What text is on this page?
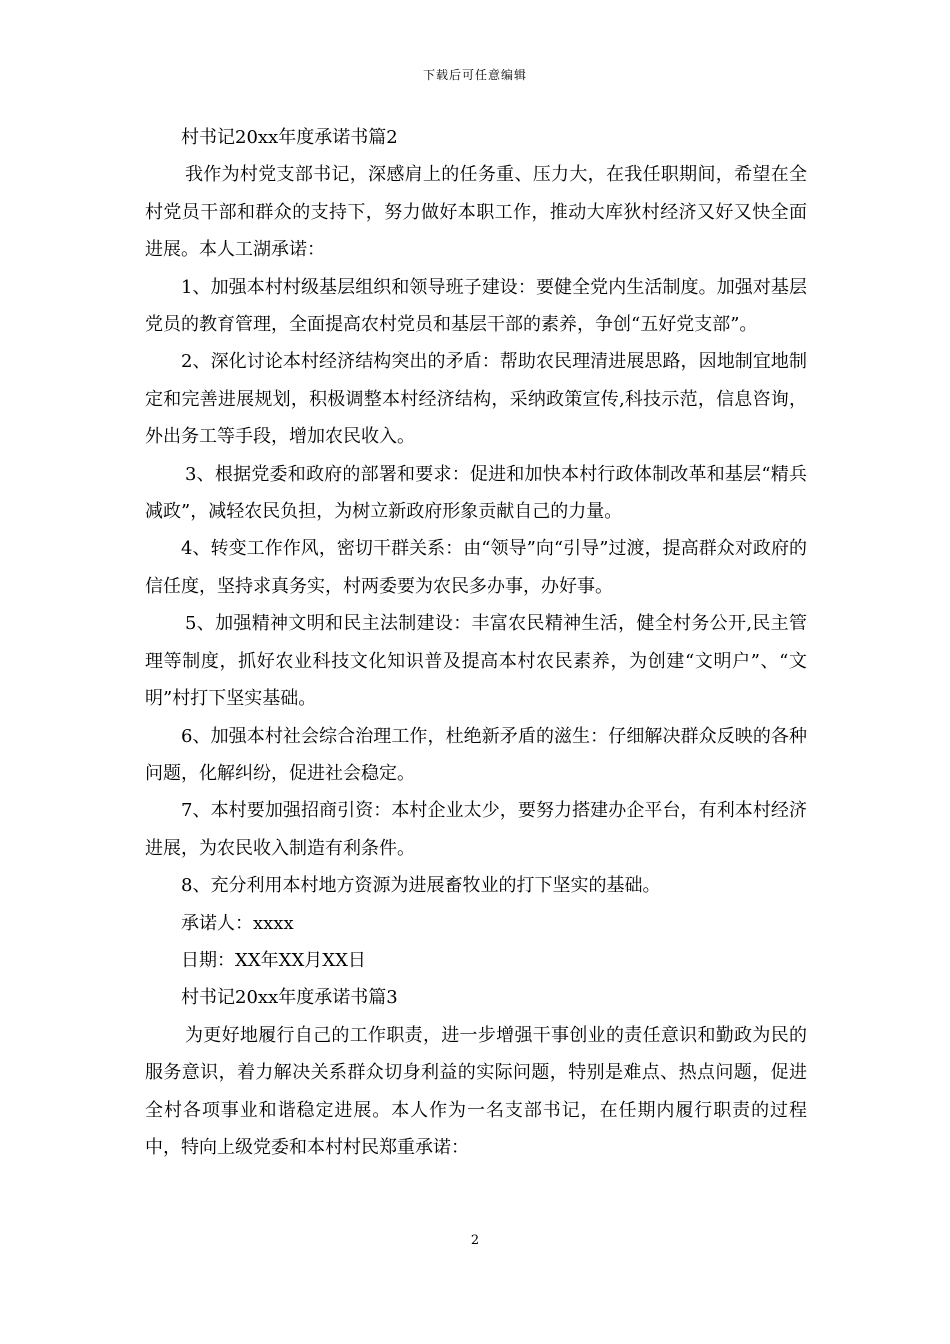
下载后可任意编辑

村书记20xx年度承诺书篇2

我作为村党支部书记，深感肩上的任务重、压力大，在我任职期间，希望在全村党员干部和群众的支持下，努力做好本职工作，推动大库狄村经济又好又快全面进展。本人工湖承诺：

1、加强本村村级基层组织和领导班子建设：要健全党内生活制度。加强对基层党员的教育管理，全面提高农村党员和基层干部的素养，争创“五好党支部”。

2、深化讨论本村经济结构突出的矛盾：帮助农民理清进展思路，因地制宜地制定和完善进展规划，积极调整本村经济结构，采纳政策宣传,科技示范，信息咨询，外出务工等手段，增加农民收入。

3、根据党委和政府的部署和要求：促进和加快本村行政体制改革和基层“精兵减政”，减轻农民负担，为树立新政府形象贡献自己的力量。

4、转变工作作风，密切干群关系：由“领导”向“引导”过渡，提高群众对政府的信任度，坚持求真务实，村两委要为农民多办事，办好事。

5、加强精神文明和民主法制建设：丰富农民精神生活，健全村务公开,民主管理等制度，抓好农业科技文化知识普及提高本村农民素养，为创建“文明户”、“文明”村打下坚实基础。

6、加强本村社会综合治理工作，杜绝新矛盾的滋生：仔细解决群众反映的各种问题，化解纠纷，促进社会稳定。

7、本村要加强招商引资：本村企业太少，要努力搭建办企平台，有利本村经济进展，为农民收入制造有利条件。

8、充分利用本村地方资源为进展畜牧业的打下坚实的基础。

承诺人：xxxx

日期：XX年XX月XX日

村书记20xx年度承诺书篇3

为更好地履行自己的工作职责，进一步增强干事创业的责任意识和勤政为民的服务意识，着力解决关系群众切身利益的实际问题，特别是难点、热点问题，促进全村各项事业和谐稳定进展。本人作为一名支部书记，在任期内履行职责的过程中，特向上级党委和本村村民郑重承诺：

2
